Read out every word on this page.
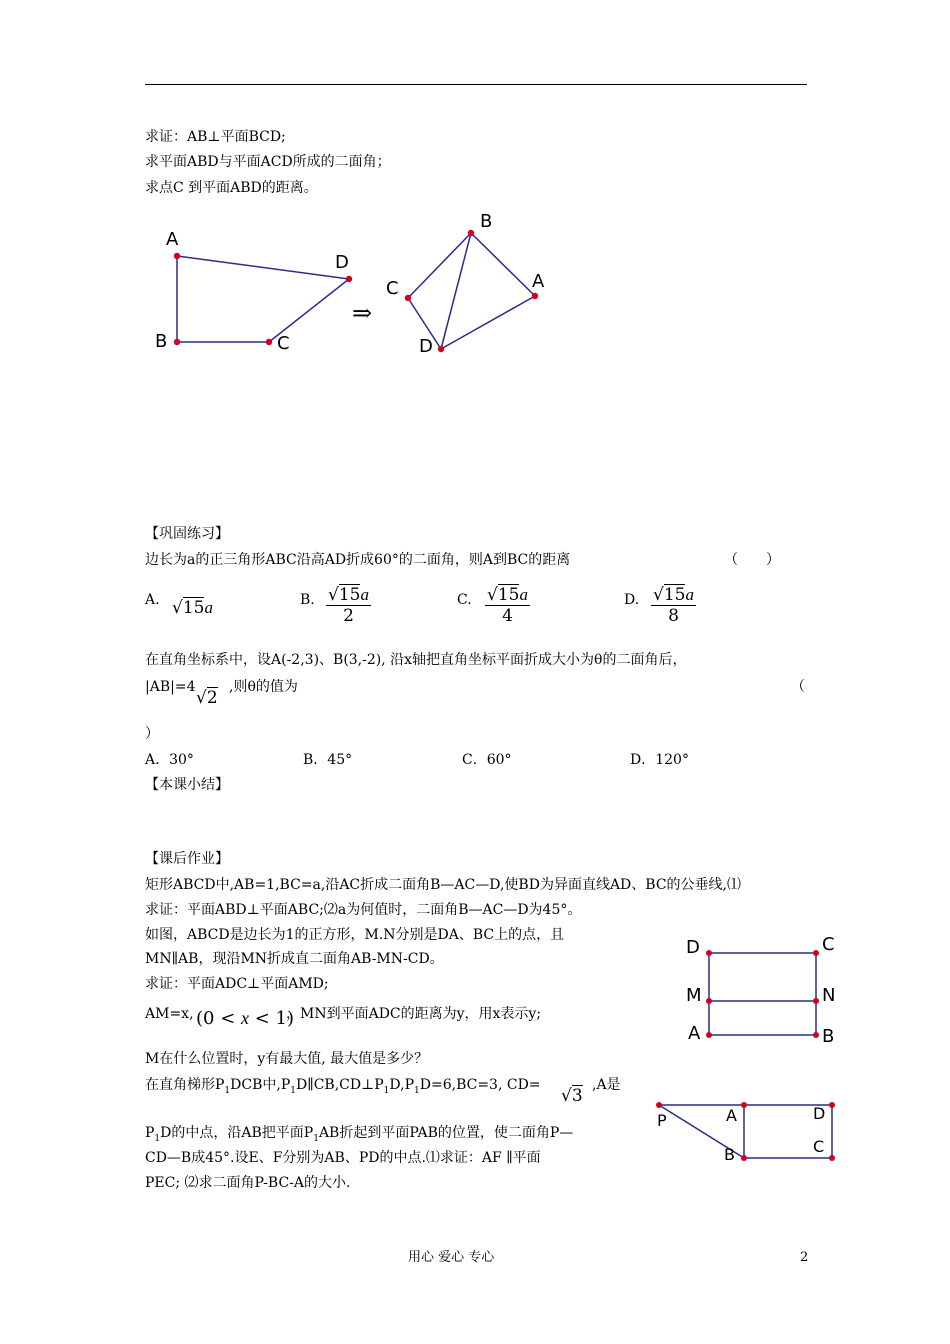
求证：AB⊥平面BCD;
求平面ABD与平面ACD所成的二面角；
求点C 到平面ABD的距离。
A
D
B	C
⇒
B
C	A
D
【巩固练习】
边长为a的正三角形ABC沿高AD折成60°的二面角，则A到BC的距离	（　　）
A. √15a	B. $\frac{√15a}{2}$	C. $\frac{√15a}{4}$	D. $\frac{√15a}{8}$
在直角坐标系中，设A(-2,3)、B(3,-2), 沿x轴把直角坐标平面折成大小为θ的二面角后，
|AB|=4
√2
,则θ的值为	（
）
A．30°	B．45°	C．60°	D．120°
【本课小结】
【课后作业】
矩形ABCD中,AB=1,BC=a,沿AC折成二面角B—AC—D,使BD为异面直线AD、BC的公垂线,⑴
求证：平面ABD⊥平面ABC;⑵a为何值时，二面角B—AC—D为45°。
如图，ABCD是边长为1的正方形，M.N分别是DA、BC上的点，且
MN∥AB，现沿MN折成直二面角AB-MN-CD。
求证：平面ADC⊥平面AMD;
AM=x, (0 < x < 1)
，MN到平面ADC的距离为y，用x表示y;
M在什么位置时，y有最大值, 最大值是多少？
在直角梯形$P_1DCB$中$,P_1D\parallel CB,CD\perp P_1D,P_1D=6,BC=3$, CD=
√3
,A是
$P_1D$的中点，沿AB把平面$P_1AB$折起到平面PAB的位置，使二面角P—
CD—B成45°.设E、F分别为AB、PD的中点.⑴求证：AF ∥平面
PEC; ⑵求二面角P-BC-A的大小.
D	C
M	N
A	B
P	A	D
B	C
用心 爱心 专心	2
